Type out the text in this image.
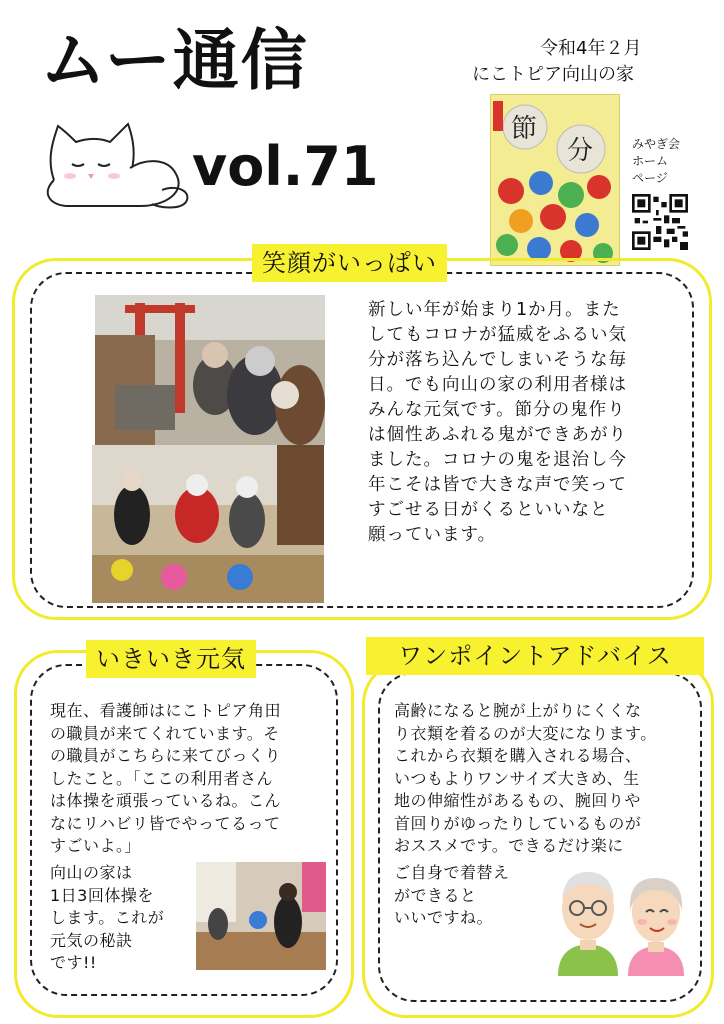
ムー通信
vol.71
令和4年２月
にこトピア向山の家
節
分	みやぎ会
ホーム
ページ
笑顔がいっぱい
新しい年が始まり1か月。また
してもコロナが猛威をふるい気
分が落ち込んでしまいそうな毎
日。でも向山の家の利用者様は
みんな元気です。節分の鬼作り
は個性あふれる鬼ができあがり
ました。コロナの鬼を退治し今
年こそは皆で大きな声で笑って
すごせる日がくるといいなと
願っています。
いきいき元気
現在、看護師はにこトピア角田
の職員が来てくれています。そ
の職員がこちらに来てびっくり
したこと。「ここの利用者さん
は体操を頑張っているね。こん
なにリハビリ皆でやってるって
すごいよ。」
向山の家は
1日3回体操を
します。これが
元気の秘訣
です!!
ワンポイントアドバイス
高齢になると腕が上がりにくくな
り衣類を着るのが大変になります。
これから衣類を購入される場合、
いつもよりワンサイズ大きめ、生
地の伸縮性があるもの、腕回りや
首回りがゆったりしているものが
おススメです。できるだけ楽に
ご自身で着替え
ができると
いいですね。
